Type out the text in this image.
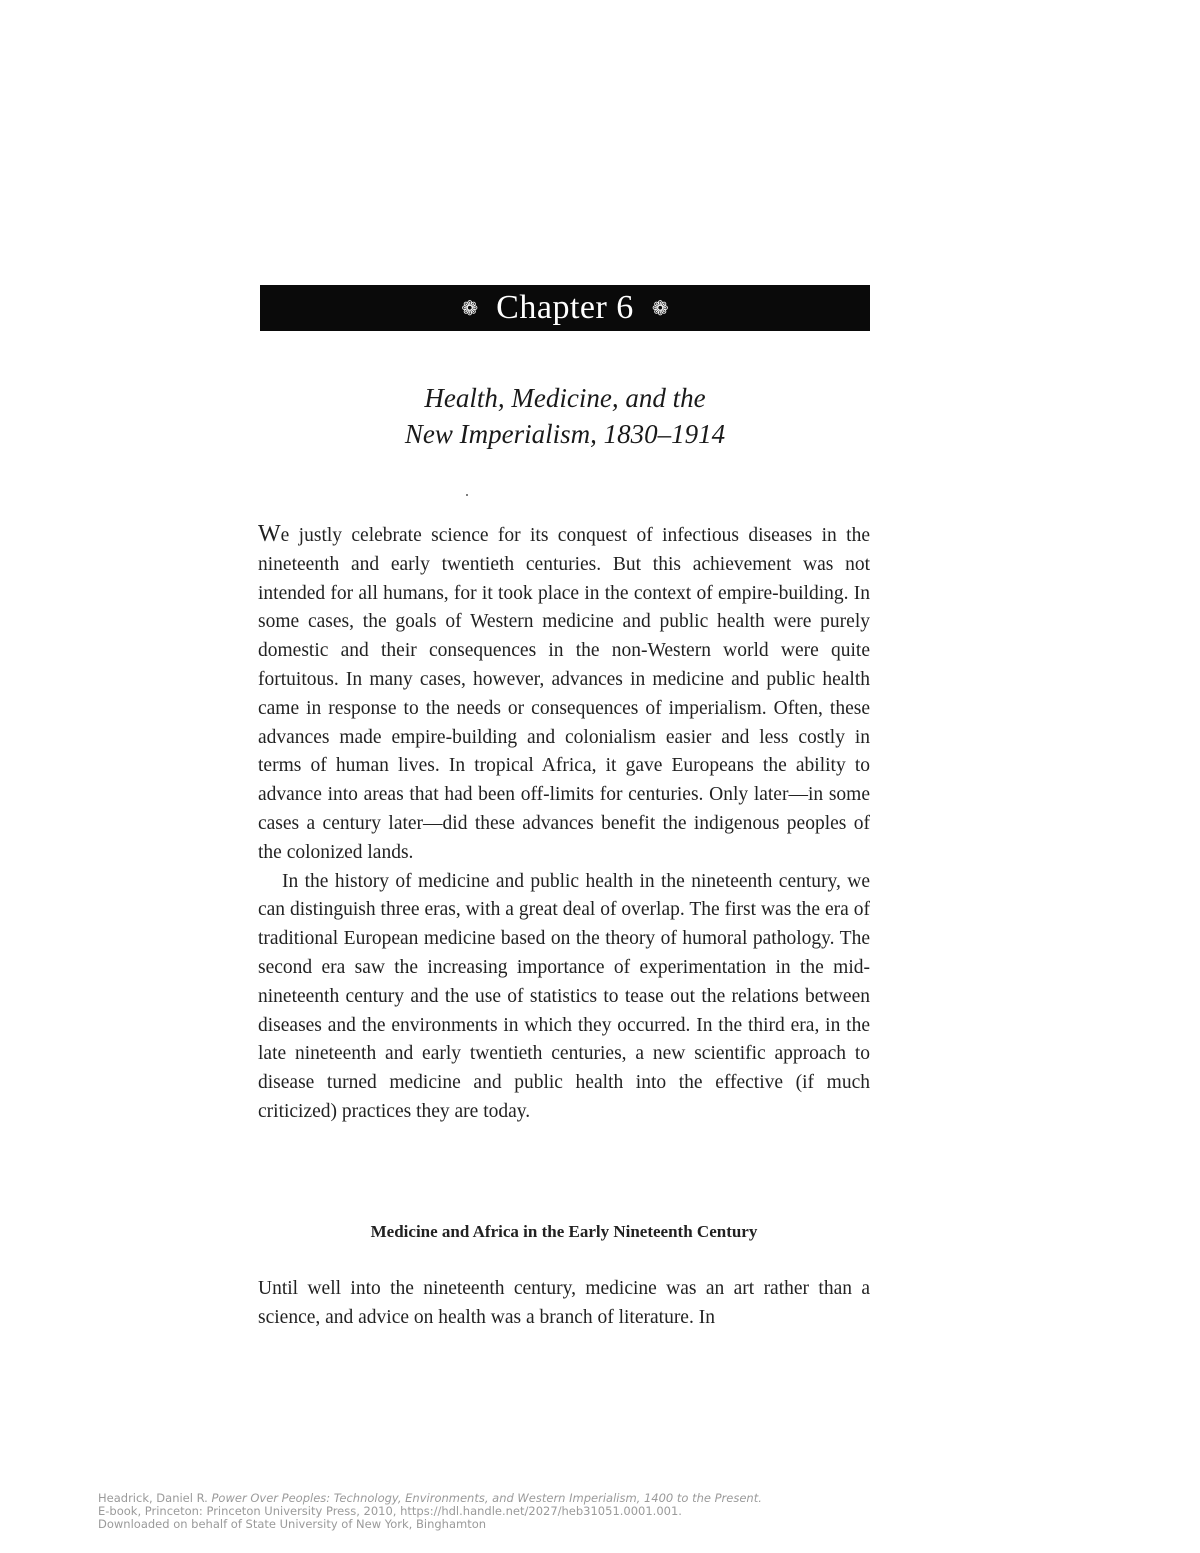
❁ Chapter 6 ❁
Health, Medicine, and the
New Imperialism, 1830–1914

We justly celebrate science for its conquest of infectious diseases in the nineteenth and early twentieth centuries. But this achievement was not intended for all humans, for it took place in the context of empire-building. In some cases, the goals of Western medicine and public health were purely domestic and their consequences in the non-Western world were quite fortuitous. In many cases, however, advances in medicine and public health came in response to the needs or consequences of imperialism. Often, these advances made empire-building and colonialism easier and less costly in terms of human lives. In tropical Africa, it gave Europeans the ability to advance into areas that had been off-limits for centuries. Only later—in some cases a century later—did these advances benefit the indigenous peoples of the colonized lands.

In the history of medicine and public health in the nineteenth century, we can distinguish three eras, with a great deal of overlap. The first was the era of traditional European medicine based on the theory of humoral pathology. The second era saw the increasing importance of experimentation in the mid-nineteenth century and the use of statistics to tease out the relations between diseases and the environments in which they occurred. In the third era, in the late nineteenth and early twentieth centuries, a new scientific approach to disease turned medicine and public health into the effective (if much criticized) practices they are today.

Medicine and Africa in the Early Nineteenth Century

Until well into the nineteenth century, medicine was an art rather than a science, and advice on health was a branch of literature. In

Headrick, Daniel R. Power Over Peoples: Technology, Environments, and Western Imperialism, 1400 to the Present.
E-book, Princeton: Princeton University Press, 2010, https://hdl.handle.net/2027/heb31051.0001.001.
Downloaded on behalf of State University of New York, Binghamton
